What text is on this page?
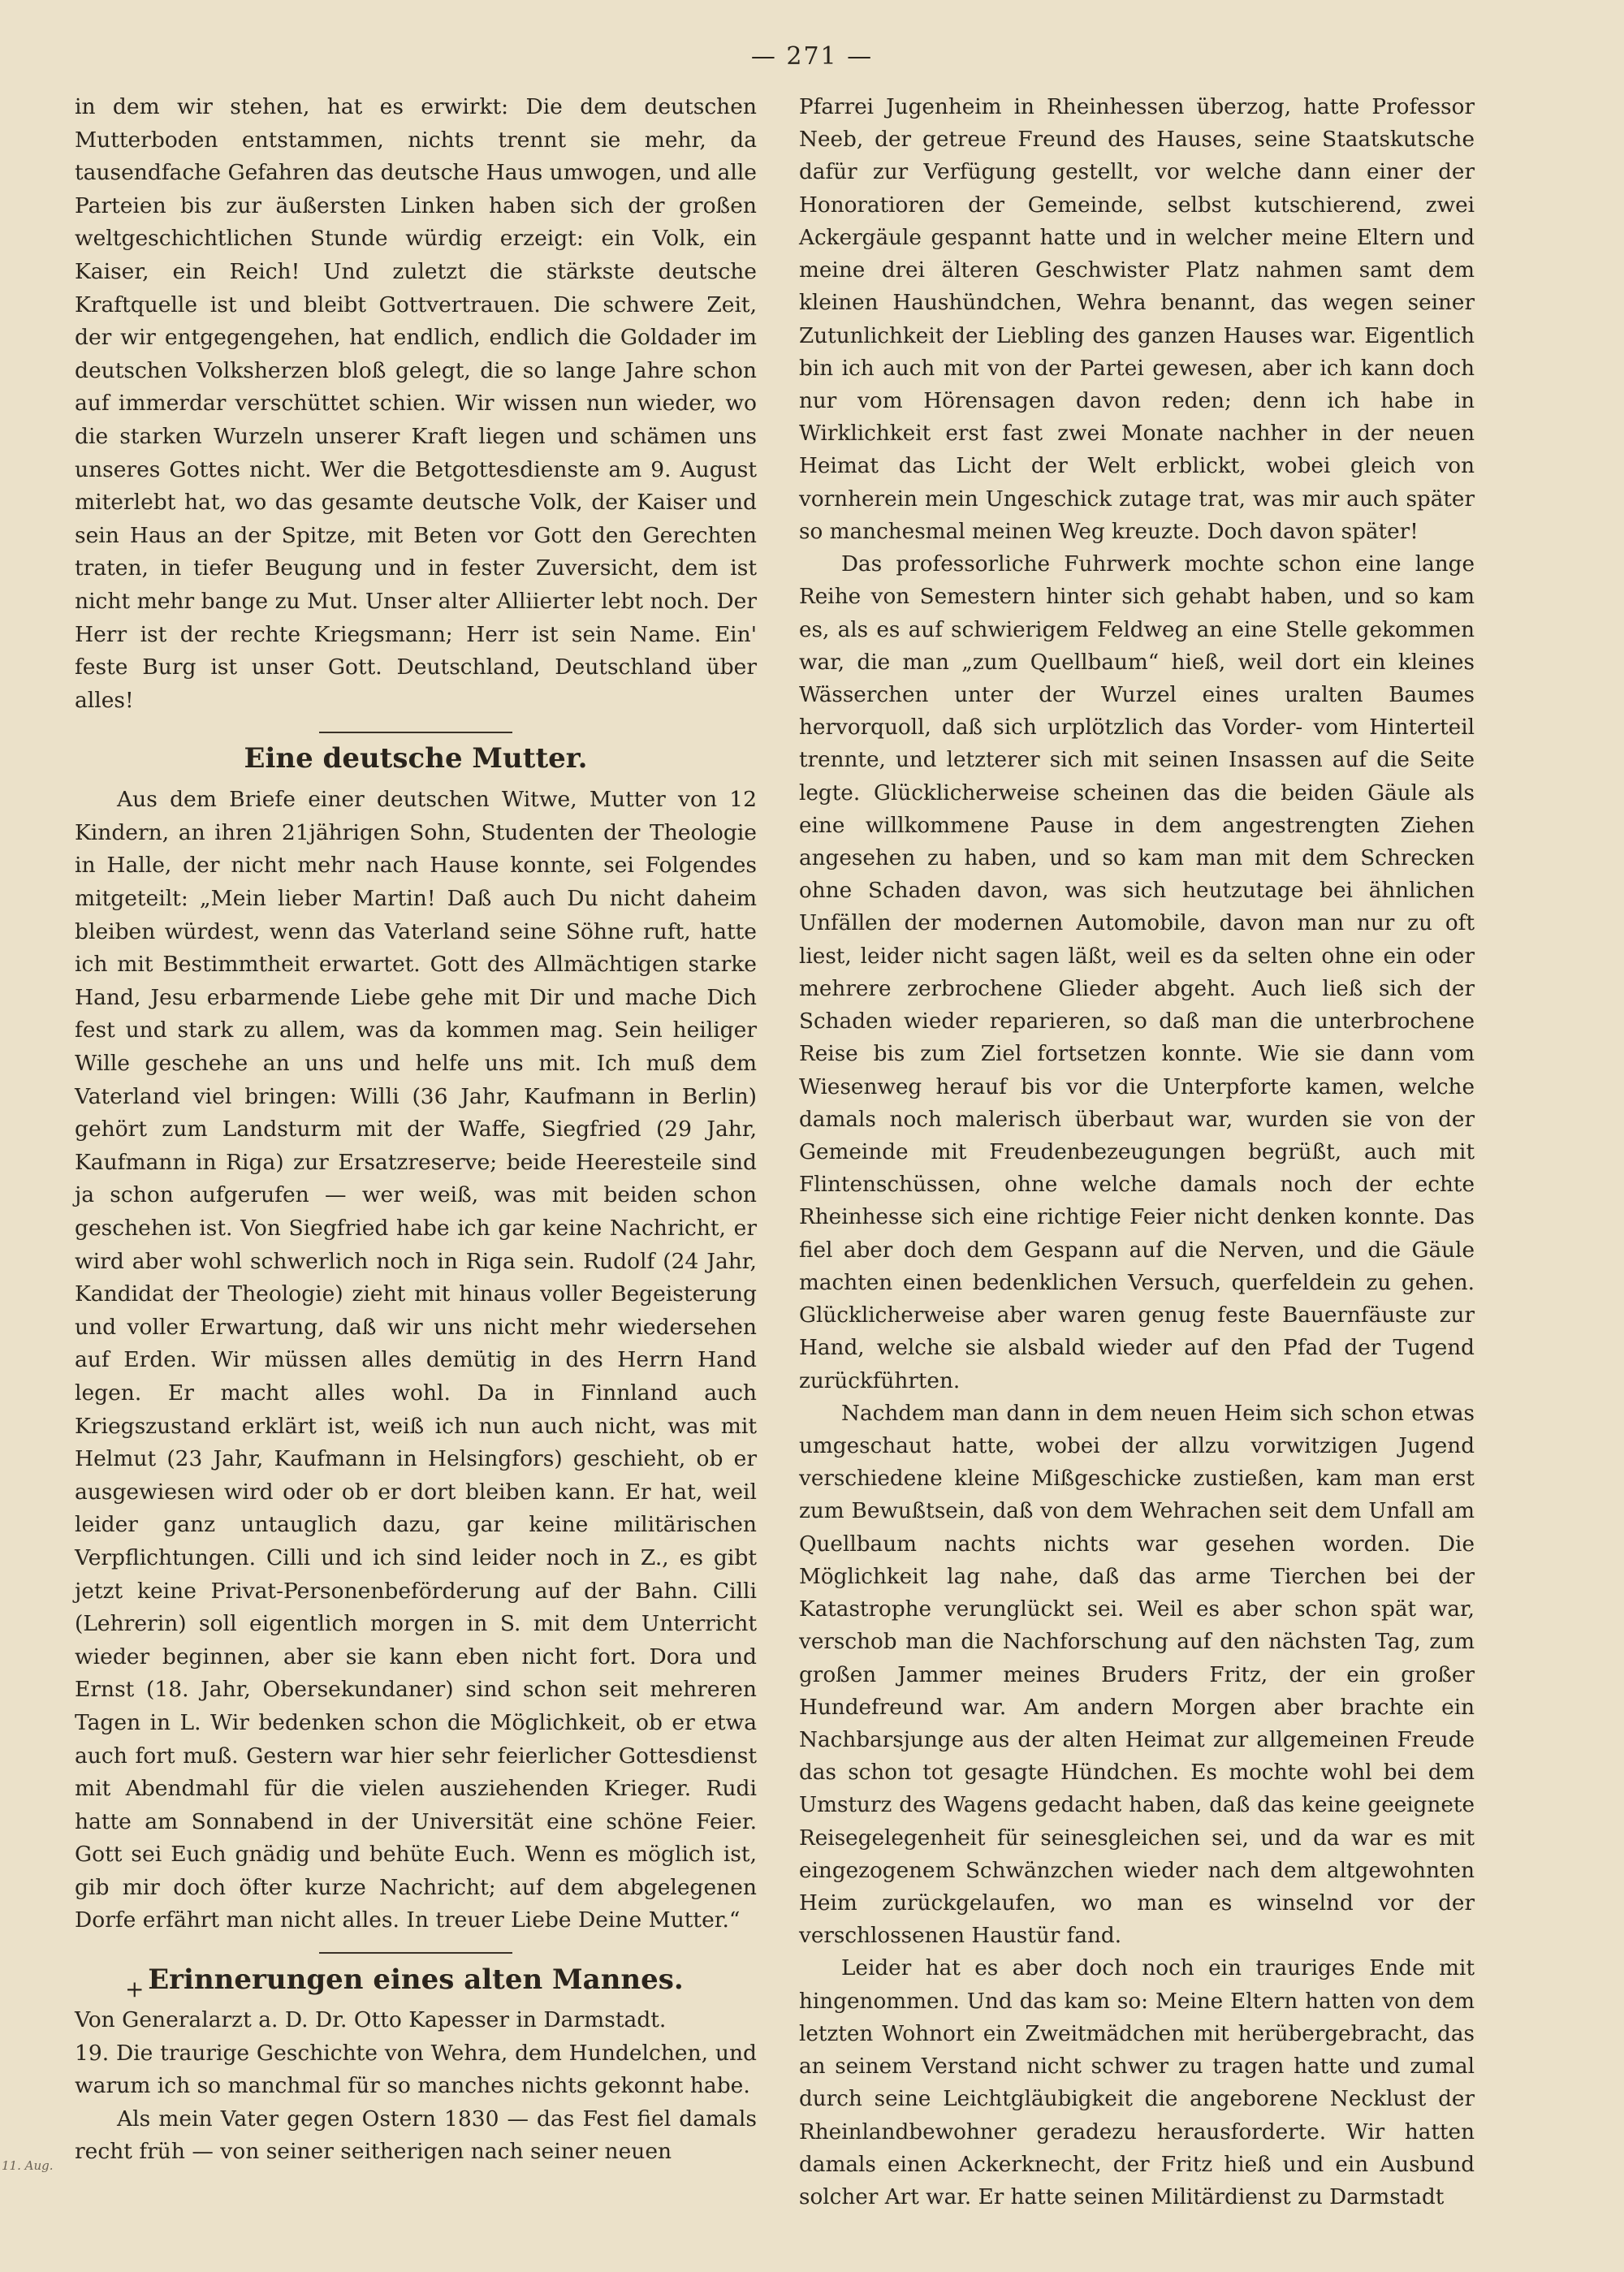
— 271 —

in dem wir stehen, hat es erwirkt: Die dem deutschen Mutterboden entstammen, nichts trennt sie mehr, da tausendfache Gefahren das deutsche Haus umwogen, und alle Parteien bis zur äußersten Linken haben sich der großen weltgeschichtlichen Stunde würdig erzeigt: ein Volk, ein Kaiser, ein Reich! Und zuletzt die stärkste deutsche Kraftquelle ist und bleibt Gottvertrauen. Die schwere Zeit, der wir entgegengehen, hat endlich, endlich die Goldader im deutschen Volksherzen bloß gelegt, die so lange Jahre schon auf immerdar verschüttet schien. Wir wissen nun wieder, wo die starken Wurzeln unserer Kraft liegen und schämen uns unseres Gottes nicht. Wer die Betgottesdienste am 9. August miterlebt hat, wo das gesamte deutsche Volk, der Kaiser und sein Haus an der Spitze, mit Beten vor Gott den Gerechten traten, in tiefer Beugung und in fester Zuversicht, dem ist nicht mehr bange zu Mut. Unser alter Alliierter lebt noch. Der Herr ist der rechte Kriegsmann; Herr ist sein Name. Ein' feste Burg ist unser Gott. Deutschland, Deutschland über alles!

Eine deutsche Mutter.

Aus dem Briefe einer deutschen Witwe, Mutter von 12 Kindern, an ihren 21jährigen Sohn, Studenten der Theologie in Halle, der nicht mehr nach Hause konnte, sei Folgendes mitgeteilt: „Mein lieber Martin! Daß auch Du nicht daheim bleiben würdest, wenn das Vaterland seine Söhne ruft, hatte ich mit Bestimmtheit erwartet. Gott des Allmächtigen starke Hand, Jesu erbarmende Liebe gehe mit Dir und mache Dich fest und stark zu allem, was da kommen mag. Sein heiliger Wille geschehe an uns und helfe uns mit. Ich muß dem Vaterland viel bringen: Willi (36 Jahr, Kaufmann in Berlin) gehört zum Landsturm mit der Waffe, Siegfried (29 Jahr, Kaufmann in Riga) zur Ersatzreserve; beide Heeresteile sind ja schon aufgerufen — wer weiß, was mit beiden schon geschehen ist. Von Siegfried habe ich gar keine Nachricht, er wird aber wohl schwerlich noch in Riga sein. Rudolf (24 Jahr, Kandidat der Theologie) zieht mit hinaus voller Begeisterung und voller Erwartung, daß wir uns nicht mehr wiedersehen auf Erden. Wir müssen alles demütig in des Herrn Hand legen. Er macht alles wohl. Da in Finnland auch Kriegszustand erklärt ist, weiß ich nun auch nicht, was mit Helmut (23 Jahr, Kaufmann in Helsingfors) geschieht, ob er ausgewiesen wird oder ob er dort bleiben kann. Er hat, weil leider ganz untauglich dazu, gar keine militärischen Verpflichtungen. Cilli und ich sind leider noch in Z., es gibt jetzt keine Privat-Personenbeförderung auf der Bahn. Cilli (Lehrerin) soll eigentlich morgen in S. mit dem Unterricht wieder beginnen, aber sie kann eben nicht fort. Dora und Ernst (18. Jahr, Obersekundaner) sind schon seit mehreren Tagen in L. Wir bedenken schon die Möglichkeit, ob er etwa auch fort muß. Gestern war hier sehr feierlicher Gottesdienst mit Abendmahl für die vielen ausziehenden Krieger. Rudi hatte am Sonnabend in der Universität eine schöne Feier. Gott sei Euch gnädig und behüte Euch. Wenn es möglich ist, gib mir doch öfter kurze Nachricht; auf dem abgelegenen Dorfe erfährt man nicht alles. In treuer Liebe Deine Mutter.“

+ Erinnerungen eines alten Mannes.

Von Generalarzt a. D. Dr. Otto Kapesser in Darmstadt.

19. Die traurige Geschichte von Wehra, dem Hundelchen, und warum ich so manchmal für so manches nichts gekonnt habe.

Als mein Vater gegen Ostern 1830 — das Fest fiel damals recht früh — von seiner seitherigen nach seiner neuen

Pfarrei Jugenheim in Rheinhessen überzog, hatte Professor Neeb, der getreue Freund des Hauses, seine Staatskutsche dafür zur Verfügung gestellt, vor welche dann einer der Honoratioren der Gemeinde, selbst kutschierend, zwei Ackergäule gespannt hatte und in welcher meine Eltern und meine drei älteren Geschwister Platz nahmen samt dem kleinen Haushündchen, Wehra benannt, das wegen seiner Zutunlichkeit der Liebling des ganzen Hauses war. Eigentlich bin ich auch mit von der Partei gewesen, aber ich kann doch nur vom Hörensagen davon reden; denn ich habe in Wirklichkeit erst fast zwei Monate nachher in der neuen Heimat das Licht der Welt erblickt, wobei gleich von vornherein mein Ungeschick zutage trat, was mir auch später so manchesmal meinen Weg kreuzte. Doch davon später!

Das professorliche Fuhrwerk mochte schon eine lange Reihe von Semestern hinter sich gehabt haben, und so kam es, als es auf schwierigem Feldweg an eine Stelle gekommen war, die man „zum Quellbaum“ hieß, weil dort ein kleines Wässerchen unter der Wurzel eines uralten Baumes hervorquoll, daß sich urplötzlich das Vorder- vom Hinterteil trennte, und letzterer sich mit seinen Insassen auf die Seite legte. Glücklicherweise scheinen das die beiden Gäule als eine willkommene Pause in dem angestrengten Ziehen angesehen zu haben, und so kam man mit dem Schrecken ohne Schaden davon, was sich heutzutage bei ähnlichen Unfällen der modernen Automobile, davon man nur zu oft liest, leider nicht sagen läßt, weil es da selten ohne ein oder mehrere zerbrochene Glieder abgeht. Auch ließ sich der Schaden wieder reparieren, so daß man die unterbrochene Reise bis zum Ziel fortsetzen konnte. Wie sie dann vom Wiesenweg herauf bis vor die Unterpforte kamen, welche damals noch malerisch überbaut war, wurden sie von der Gemeinde mit Freudenbezeugungen begrüßt, auch mit Flintenschüssen, ohne welche damals noch der echte Rheinhesse sich eine richtige Feier nicht denken konnte. Das fiel aber doch dem Gespann auf die Nerven, und die Gäule machten einen bedenklichen Versuch, querfeldein zu gehen. Glücklicherweise aber waren genug feste Bauernfäuste zur Hand, welche sie alsbald wieder auf den Pfad der Tugend zurückführten.

Nachdem man dann in dem neuen Heim sich schon etwas umgeschaut hatte, wobei der allzu vorwitzigen Jugend verschiedene kleine Mißgeschicke zustießen, kam man erst zum Bewußtsein, daß von dem Wehrachen seit dem Unfall am Quellbaum nachts nichts war gesehen worden. Die Möglichkeit lag nahe, daß das arme Tierchen bei der Katastrophe verunglückt sei. Weil es aber schon spät war, verschob man die Nachforschung auf den nächsten Tag, zum großen Jammer meines Bruders Fritz, der ein großer Hundefreund war. Am andern Morgen aber brachte ein Nachbarsjunge aus der alten Heimat zur allgemeinen Freude das schon tot gesagte Hündchen. Es mochte wohl bei dem Umsturz des Wagens gedacht haben, daß das keine geeignete Reisegelegenheit für seinesgleichen sei, und da war es mit eingezogenem Schwänzchen wieder nach dem altgewohnten Heim zurückgelaufen, wo man es winselnd vor der verschlossenen Haustür fand.

Leider hat es aber doch noch ein trauriges Ende mit hingenommen. Und das kam so: Meine Eltern hatten von dem letzten Wohnort ein Zweitmädchen mit herübergebracht, das an seinem Verstand nicht schwer zu tragen hatte und zumal durch seine Leichtgläubigkeit die angeborene Necklust der Rheinlandbewohner geradezu herausforderte. Wir hatten damals einen Ackerknecht, der Fritz hieß und ein Ausbund solcher Art war. Er hatte seinen Militärdienst zu Darmstadt

11. Aug.
